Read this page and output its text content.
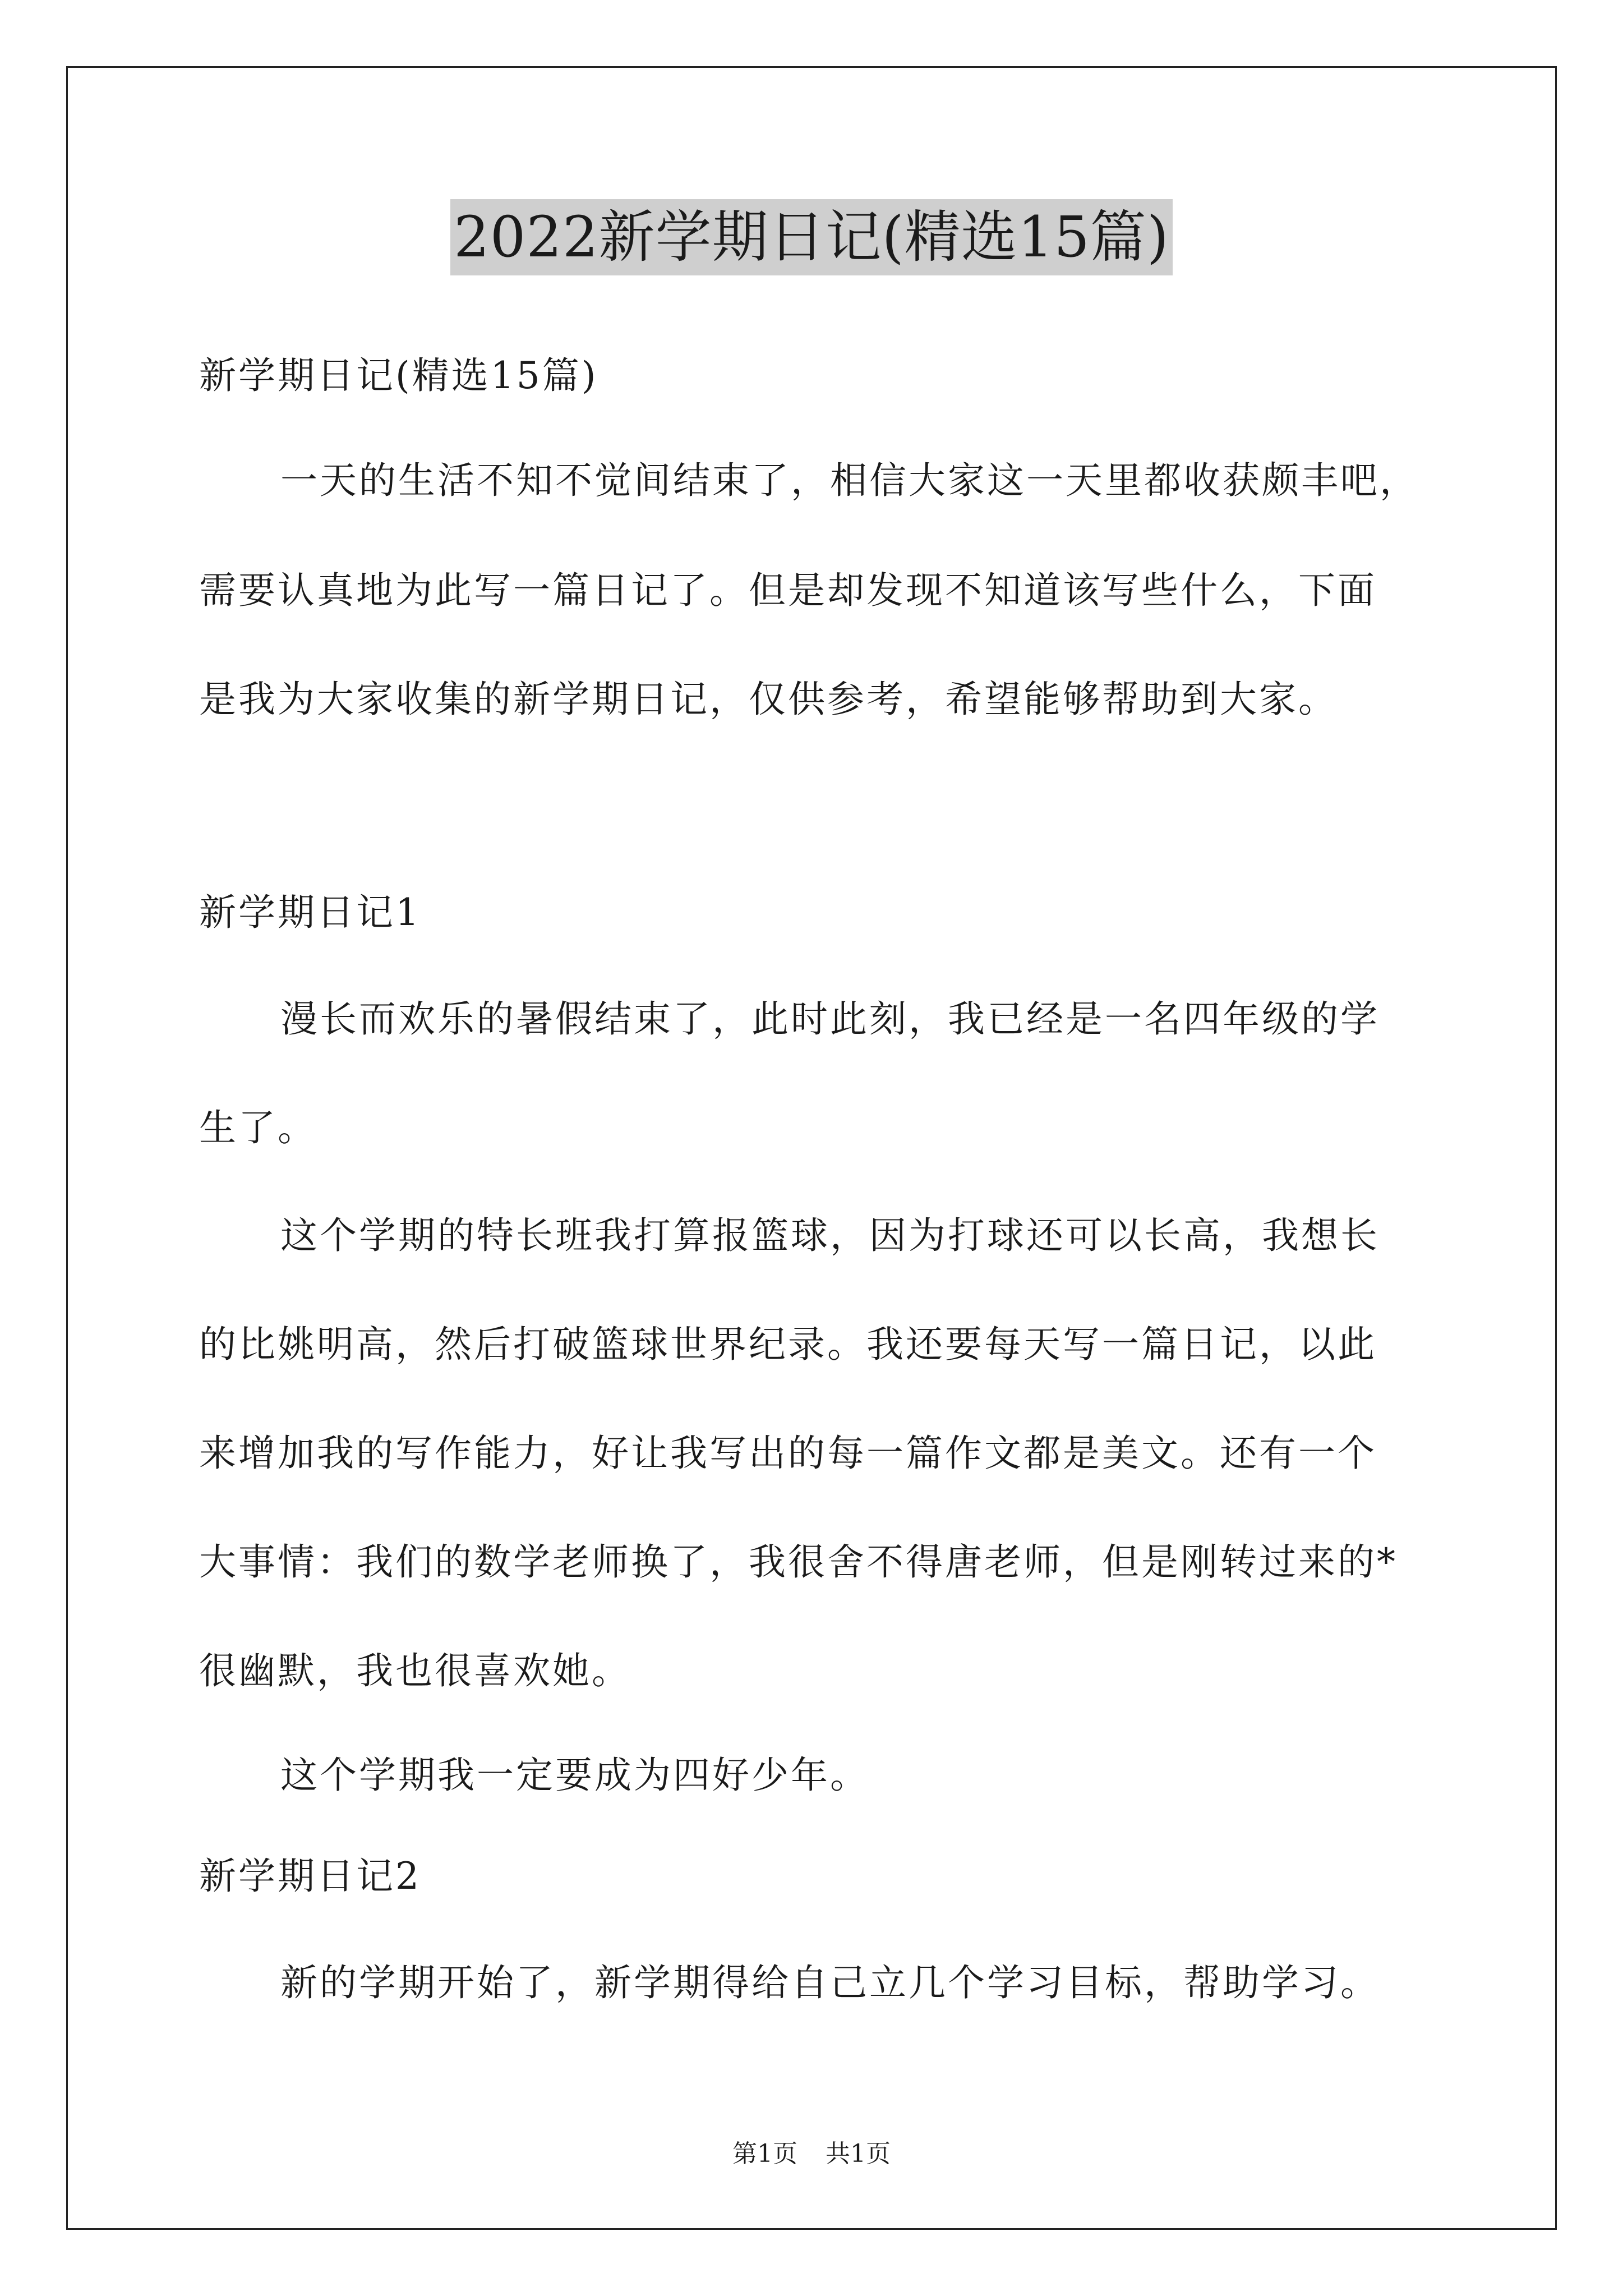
2022新学期日记(精选15篇)
新学期日记(精选15篇)
一天的生活不知不觉间结束了，相信大家这一天里都收获颇丰吧，
需要认真地为此写一篇日记了。但是却发现不知道该写些什么，下面
是我为大家收集的新学期日记，仅供参考，希望能够帮助到大家。
新学期日记1
漫长而欢乐的暑假结束了，此时此刻，我已经是一名四年级的学
生了。
这个学期的特长班我打算报篮球，因为打球还可以长高，我想长
的比姚明高，然后打破篮球世界纪录。我还要每天写一篇日记，以此
来增加我的写作能力，好让我写出的每一篇作文都是美文。还有一个
大事情：我们的数学老师换了，我很舍不得唐老师，但是刚转过来的*
很幽默，我也很喜欢她。
这个学期我一定要成为四好少年。
新学期日记2
新的学期开始了，新学期得给自己立几个学习目标，帮助学习。
第1页 共1页
